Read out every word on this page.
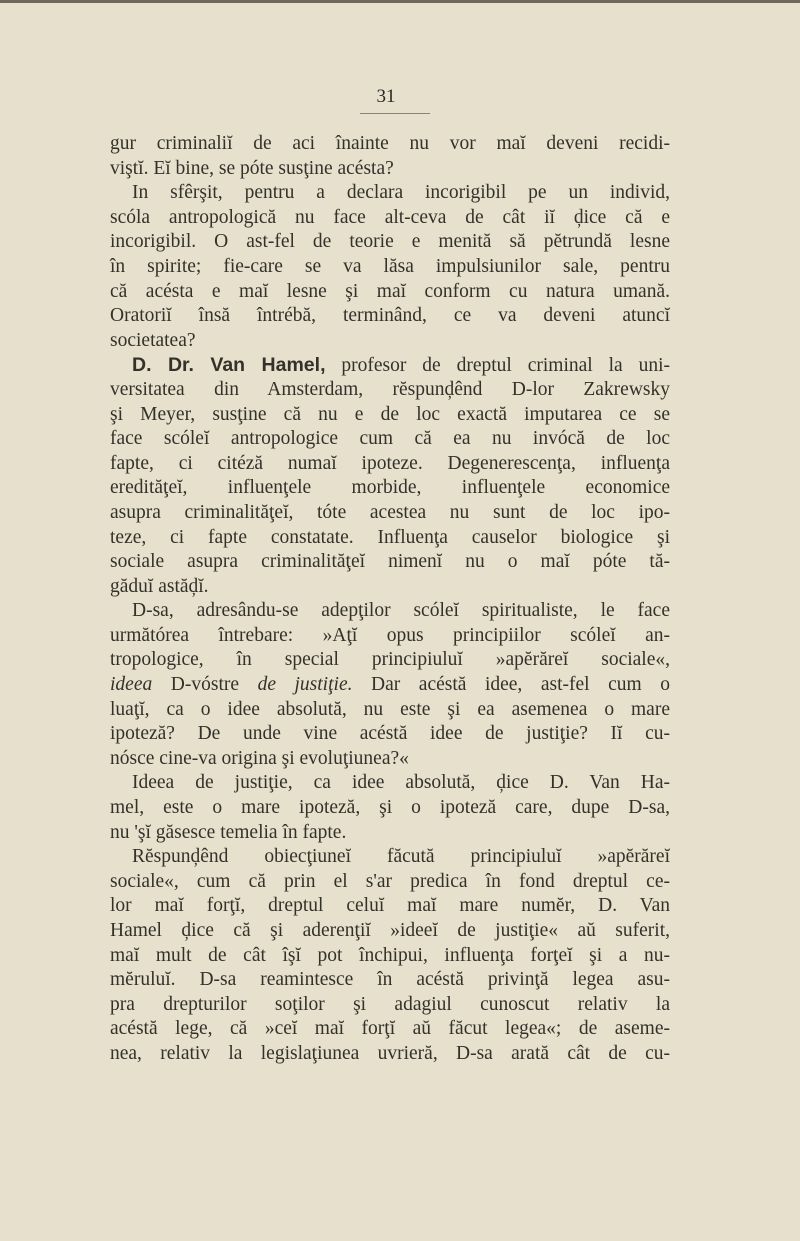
31
gur criminaliĭ de aci înainte nu vor maĭ deveni recidi-
viştĭ. Eĭ bine, se póte susţine acésta?
In sfêrşit, pentru a declara incorigibil pe un individ,
scóla antropologică nu face alt-ceva de cât iĭ ḑice că e
incorigibil. O ast-fel de teorie e menită să pĕtrundă lesne
în spirite; fie-care se va lăsa impulsiunilor sale, pentru
că acésta e maĭ lesne şi maĭ conform cu natura umană.
Oratoriĭ însă întrébă, terminând, ce va deveni atuncĭ
societatea?
D. Dr. Van Hamel, profesor de dreptul criminal la uni-
versitatea din Amsterdam, rĕspunḑênd D-lor Zakrewsky
şi Meyer, susţine că nu e de loc exactă imputarea ce se
face scóleĭ antropologice cum că ea nu invócă de loc
fapte, ci citéză numaĭ ipoteze. Degenerescenţa, influenţa
eredităţeĭ, influenţele morbide, influenţele economice
asupra criminalităţeĭ, tóte acestea nu sunt de loc ipo-
teze, ci fapte constatate. Influenţa causelor biologice şi
sociale asupra criminalităţeĭ nimenĭ nu o maĭ póte tă-
găduĭ astăḑĭ.
D-sa, adresându-se adepţilor scóleĭ spiritualiste, le face
următórea întrebare: »Aţĭ opus principiilor scóleĭ an-
tropologice, în special principiuluĭ »apĕrăreĭ sociale«,
ideea D-vóstre de justiţie. Dar acéstă idee, ast-fel cum o
luaţĭ, ca o idee absolută, nu este şi ea asemenea o mare
ipoteză? De unde vine acéstă idee de justiţie? Iĭ cu-
nósce cine-va origina şi evoluţiunea?«
Ideea de justiţie, ca idee absolută, ḑice D. Van Ha-
mel, este o mare ipoteză, şi o ipoteză care, dupe D-sa,
nu 'şĭ găsesce temelia în fapte.
Rĕspunḑênd obiecţiuneĭ făcută principiuluĭ »apĕrăreĭ
sociale«, cum că prin el s'ar predica în fond dreptul ce-
lor maĭ forţĭ, dreptul celuĭ maĭ mare numĕr, D. Van
Hamel ḑice că şi aderenţiĭ »ideeĭ de justiţie« aŭ suferit,
maĭ mult de cât îşĭ pot închipui, influenţa forţeĭ şi a nu-
mĕruluĭ. D-sa reamintesce în acéstă privinţă legea asu-
pra drepturilor soţilor şi adagiul cunoscut relativ la
acéstă lege, că »ceĭ maĭ forţĭ aŭ făcut legea«; de aseme-
nea, relativ la legislaţiunea uvrieră, D-sa arată cât de cu-
